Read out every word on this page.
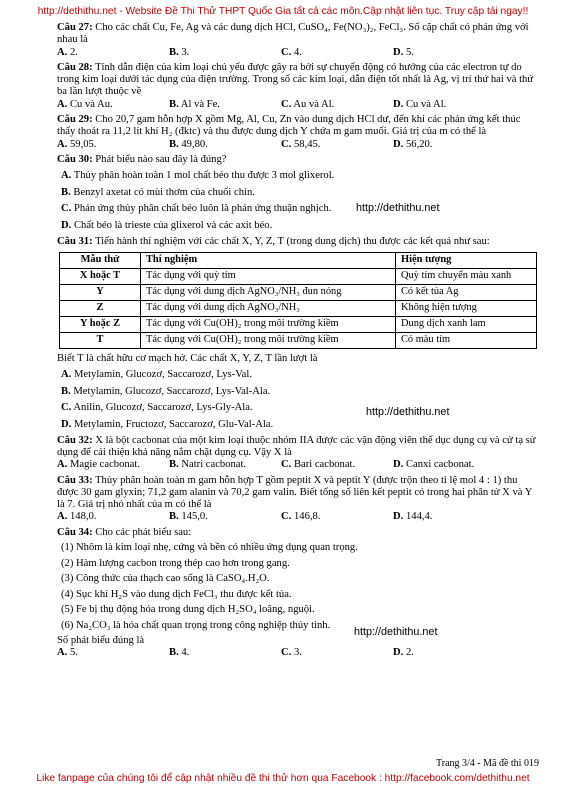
http://dethithu.net - Website Đề Thi Thử THPT Quốc Gia tất cả các môn.Cập nhật liên tục. Truy cập tải ngay!!

Câu 27: Cho các chất Cu, Fe, Ag và các dung dịch HCl, CuSO₄, Fe(NO₃)₂, FeCl₃. Số cặp chất có phản ứng với nhau là

A. 2.	B. 3.	C. 4.	D. 5.

Câu 28: Tính dẫn điện của kim loại chủ yếu được gây ra bởi sự chuyển động có hướng của các electron tự do trong kim loại dưới tác dụng của điện trường. Trong số các kim loại, dẫn điện tốt nhất là Ag, vị trí thứ hai và thứ ba lần lượt thuộc về

A. Cu và Au.	B. Al và Fe.	C. Au và Al.	D. Cu và Al.

Câu 29: Cho 20,7 gam hỗn hợp X gồm Mg, Al, Cu, Zn vào dung dịch HCl dư, đến khi các phản ứng kết thúc thấy thoát ra 11,2 lít khí H₂ (đktc) và thu được dung dịch Y chứa m gam muối. Giá trị của m có thể là

A. 59,05.	B. 49,80.	C. 58,45.	D. 56,20.

Câu 30: Phát biểu nào sau đây là đúng?

A. Thủy phân hoàn toàn 1 mol chất béo thu được 3 mol glixerol.
B. Benzyl axetat có mùi thơm của chuối chín.
C. Phản ứng thủy phân chất béo luôn là phản ứng thuận nghịch.
D. Chất béo là trieste của glixerol và các axit béo.

Câu 31: Tiến hành thí nghiệm với các chất X, Y, Z, T (trong dung dịch) thu được các kết quả như sau:

Mẫu thử	Thí nghiệm	Hiện tượng
X hoặc T	Tác dụng với quỳ tím	Quỳ tím chuyển màu xanh
Y	Tác dụng với dung dịch AgNO₃/NH₃ đun nóng	Có kết tủa Ag
Z	Tác dụng với dung dịch AgNO₃/NH₃	Không hiện tượng
Y hoặc Z	Tác dụng với Cu(OH)₂ trong môi trường kiềm	Dung dịch xanh lam
T	Tác dụng với Cu(OH)₂ trong môi trường kiềm	Có màu tím

Biết T là chất hữu cơ mạch hở. Các chất X, Y, Z, T lần lượt là

A. Metylamin, Glucozơ, Saccarozơ, Lys-Val.
B. Metylamin, Glucozơ, Saccarozơ, Lys-Val-Ala.
C. Anilin, Glucozơ, Saccarozơ, Lys-Gly-Ala.
D. Metylamin, Fructozơ, Saccarozơ, Glu-Val-Ala.

Câu 32: X là bột cacbonat của một kim loại thuộc nhóm IIA được các vận động viên thể dục dụng cụ và cử tạ sử dụng để cải thiện khả năng nắm chặt dụng cụ. Vậy X là

A. Magie cacbonat.	B. Natri cacbonat.	C. Bari cacbonat.	D. Canxi cacbonat.

Câu 33: Thủy phân hoàn toàn m gam hỗn hợp T gồm peptit X và peptit Y (được trộn theo tỉ lệ mol 4 : 1) thu được 30 gam glyxin; 71,2 gam alanin và 70,2 gam valin. Biết tổng số liên kết peptit có trong hai phân tử X và Y là 7. Giá trị nhỏ nhất của m có thể là

A. 148,0.	B. 145,0.	C. 146,8.	D. 144,4.

Câu 34: Cho các phát biểu sau:

(1) Nhôm là kim loại nhẹ, cứng và bền có nhiều ứng dụng quan trọng.
(2) Hàm lượng cacbon trong thép cao hơn trong gang.
(3) Công thức của thạch cao sống là CaSO₄.H₂O.
(4) Sục khí H₂S vào dung dịch FeCl₃ thu được kết tủa.
(5) Fe bị thụ động hóa trong dung dịch H₂SO₄ loãng, nguội.
(6) Na₂CO₃ là hóa chất quan trọng trong công nghiệp thủy tinh.

Số phát biểu đúng là

A. 5.	B. 4.	C. 3.	D. 2.
http://dethithu.net
http://dethithu.net
http://dethithu.net
Trang 3/4 - Mã đề thi 019
Like fanpage của chúng tôi để cập nhật nhiều đề thi thử hơn qua Facebook : http://facebook.com/dethithu.net
